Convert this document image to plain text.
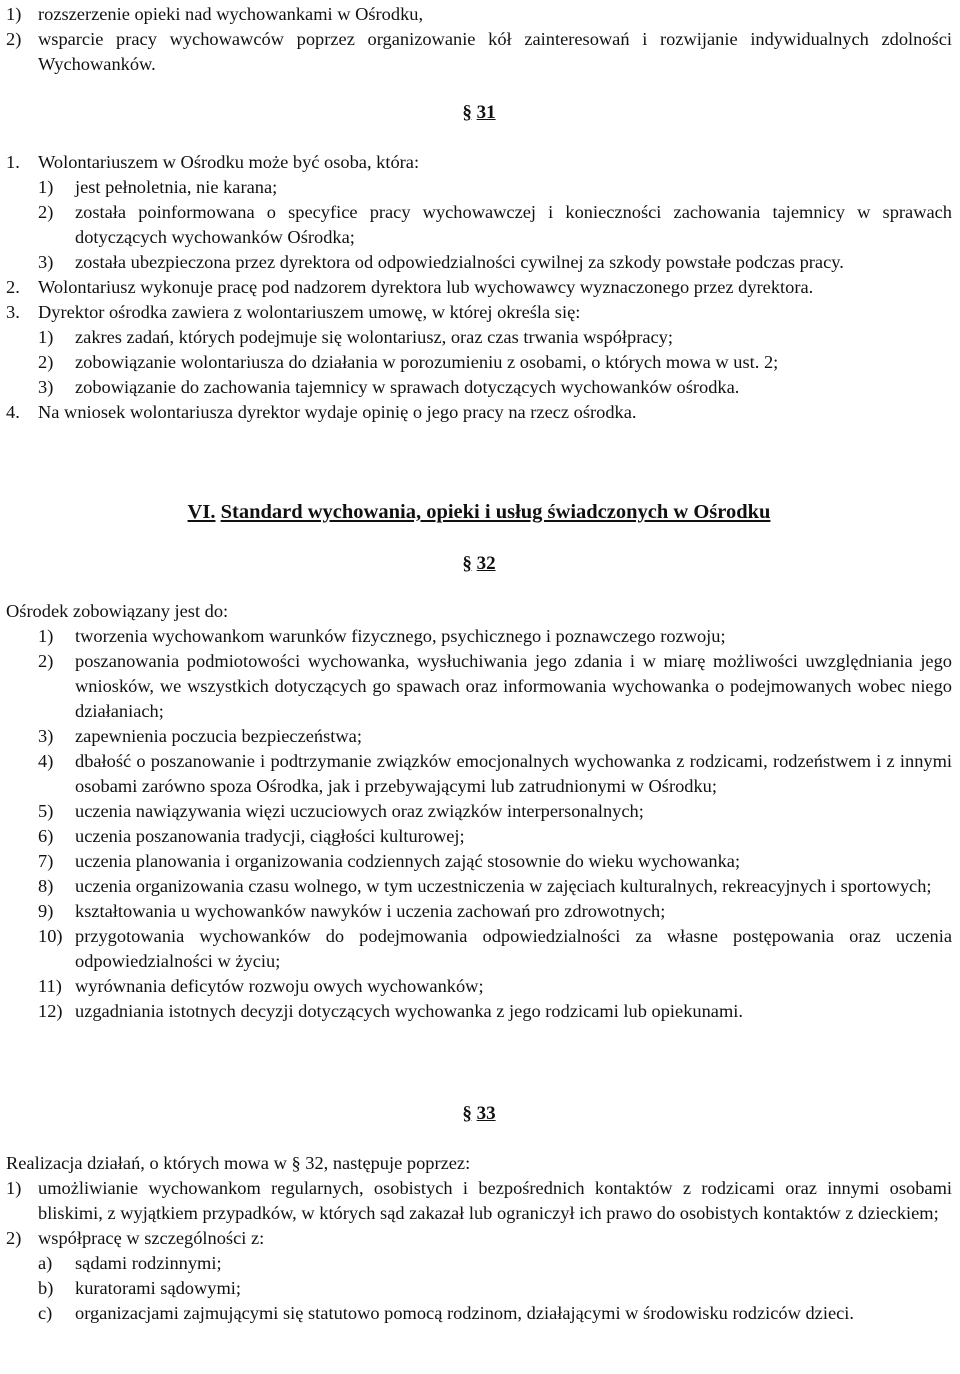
1) rozszerzenie opieki nad wychowankami w Ośrodku,
2) wsparcie pracy wychowawców poprzez organizowanie kół zainteresowań i rozwijanie indywidualnych zdolności Wychowanków.
§ 31
1. Wolontariuszem w Ośrodku może być osoba, która:
1)	jest pełnoletnia, nie karana;
2)	została poinformowana o specyfice pracy wychowawczej i konieczności zachowania tajemnicy w sprawach dotyczących wychowanków Ośrodka;
3)	została ubezpieczona przez dyrektora od odpowiedzialności cywilnej za szkody powstałe podczas pracy.
2. Wolontariusz wykonuje pracę pod nadzorem dyrektora lub wychowawcy wyznaczonego przez dyrektora.
3. Dyrektor ośrodka zawiera z wolontariuszem umowę, w której określa się:
1)	zakres zadań, których podejmuje się wolontariusz, oraz czas trwania współpracy;
2)	zobowiązanie wolontariusza do działania w porozumieniu z osobami, o których mowa w ust. 2;
3)	zobowiązanie do zachowania tajemnicy w sprawach dotyczących wychowanków ośrodka.
4. Na wniosek wolontariusza dyrektor wydaje opinię o jego pracy na rzecz ośrodka.
VI. Standard wychowania, opieki i usług świadczonych w Ośrodku
§ 32

Ośrodek zobowiązany jest do:

1)	tworzenia wychowankom warunków fizycznego, psychicznego i poznawczego rozwoju;
2)	poszanowania podmiotowości wychowanka, wysłuchiwania jego zdania i w miarę możliwości uwzględniania jego wniosków, we wszystkich dotyczących go spawach oraz informowania wychowanka o podejmowanych wobec niego działaniach;
3)	zapewnienia poczucia bezpieczeństwa;
4)	dbałość o poszanowanie i podtrzymanie związków emocjonalnych wychowanka z rodzicami, rodzeństwem i z innymi osobami zarówno spoza Ośrodka, jak i przebywającymi lub zatrudnionymi w Ośrodku;
5)	uczenia nawiązywania więzi uczuciowych oraz związków interpersonalnych;
6)	uczenia poszanowania tradycji, ciągłości kulturowej;
7)	uczenia planowania i organizowania codziennych zająć stosownie do wieku wychowanka;
8)	uczenia organizowania czasu wolnego, w tym uczestniczenia w zajęciach kulturalnych, rekreacyjnych i sportowych;
9)	kształtowania u wychowanków nawyków i uczenia zachowań pro zdrowotnych;
10) przygotowania wychowanków do podejmowania odpowiedzialności za własne postępowania oraz uczenia odpowiedzialności w życiu;
11) wyrównania deficytów rozwoju owych wychowanków;
12) uzgadniania istotnych decyzji dotyczących wychowanka z jego rodzicami lub opiekunami.
§ 33

Realizacja działań, o których mowa w § 32, następuje poprzez:

1) umożliwianie wychowankom regularnych, osobistych i bezpośrednich kontaktów z rodzicami oraz innymi osobami bliskimi, z wyjątkiem przypadków, w których sąd zakazał lub ograniczył ich prawo do osobistych kontaktów z dzieckiem;
2) współpracę w szczególności z:
a)	sądami rodzinnymi;
b)	kuratorami sądowymi;
c)	organizacjami zajmującymi się statutowo pomocą rodzinom, działającymi w środowisku rodziców dzieci.
